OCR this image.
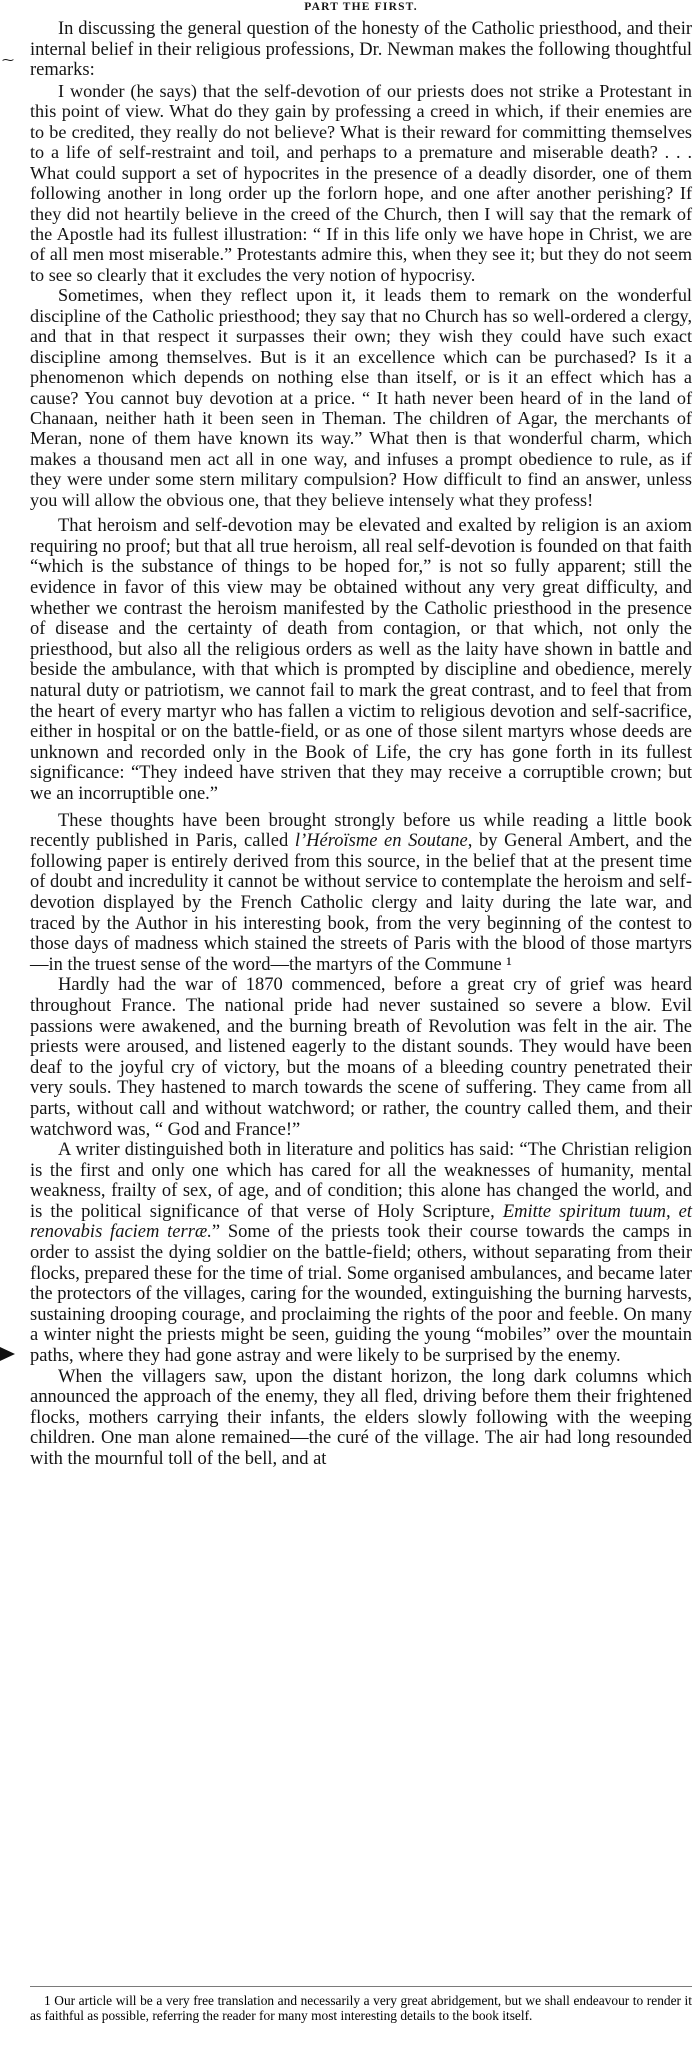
PART THE FIRST.
⁓

In discussing the general question of the honesty of the Catholic priesthood, and their internal belief in their religious professions, Dr. Newman makes the following thoughtful remarks:

I wonder (he says) that the self-devotion of our priests does not strike a Protestant in this point of view. What do they gain by professing a creed in which, if their enemies are to be credited, they really do not believe? What is their reward for committing themselves to a life of self-restraint and toil, and perhaps to a premature and miserable death? . . . What could support a set of hypocrites in the presence of a deadly disorder, one of them following another in long order up the forlorn hope, and one after another perishing? If they did not heartily believe in the creed of the Church, then I will say that the remark of the Apostle had its fullest illustration: “ If in this life only we have hope in Christ, we are of all men most miserable.” Protestants admire this, when they see it; but they do not seem to see so clearly that it excludes the very notion of hypocrisy.

Sometimes, when they reflect upon it, it leads them to remark on the wonderful discipline of the Catholic priesthood; they say that no Church has so well-ordered a clergy, and that in that respect it surpasses their own; they wish they could have such exact discipline among themselves. But is it an excellence which can be purchased? Is it a phenomenon which depends on nothing else than itself, or is it an effect which has a cause? You cannot buy devotion at a price. “ It hath never been heard of in the land of Chanaan, neither hath it been seen in Theman. The children of Agar, the merchants of Meran, none of them have known its way.” What then is that wonderful charm, which makes a thousand men act all in one way, and infuses a prompt obedience to rule, as if they were under some stern military compulsion? How difficult to find an answer, unless you will allow the obvious one, that they believe intensely what they profess!

That heroism and self-devotion may be elevated and exalted by religion is an axiom requiring no proof; but that all true heroism, all real self-devotion is founded on that faith “which is the substance of things to be hoped for,” is not so fully apparent; still the evidence in favor of this view may be obtained without any very great difficulty, and whether we contrast the heroism manifested by the Catholic priesthood in the presence of disease and the certainty of death from contagion, or that which, not only the priesthood, but also all the religious orders as well as the laity have shown in battle and beside the ambulance, with that which is prompted by discipline and obedience, merely natural duty or patriotism, we cannot fail to mark the great contrast, and to feel that from the heart of every martyr who has fallen a victim to religious devotion and self-sacrifice, either in hospital or on the battle-field, or as one of those silent martyrs whose deeds are unknown and recorded only in the Book of Life, the cry has gone forth in its fullest significance: “They indeed have striven that they may receive a corruptible crown; but we an incorruptible one.”

These thoughts have been brought strongly before us while reading a little book recently published in Paris, called l’Héroïsme en Soutane, by General Ambert, and the following paper is entirely derived from this source, in the belief that at the present time of doubt and incredulity it cannot be without service to contemplate the heroism and self-devotion displayed by the French Catholic clergy and laity during the late war, and traced by the Author in his interesting book, from the very beginning of the contest to those days of madness which stained the streets of Paris with the blood of those martyrs—in the truest sense of the word—the martyrs of the Commune ¹

Hardly had the war of 1870 commenced, before a great cry of grief was heard throughout France. The national pride had never sustained so severe a blow. Evil passions were awakened, and the burning breath of Revolution was felt in the air. The priests were aroused, and listened eagerly to the distant sounds. They would have been deaf to the joyful cry of victory, but the moans of a bleeding country penetrated their very souls. They hastened to march towards the scene of suffering. They came from all parts, without call and without watchword; or rather, the country called them, and their watchword was, “ God and France!”

A writer distinguished both in literature and politics has said: “The Christian religion is the first and only one which has cared for all the weaknesses of humanity, mental weakness, frailty of sex, of age, and of condition; this alone has changed the world, and is the political significance of that verse of Holy Scripture, Emitte spiritum tuum, et renovabis faciem terræ.” Some of the priests took their course towards the camps in order to assist the dying soldier on the battle-field; others, without separating from their flocks, prepared these for the time of trial. Some organised ambulances, and became later the protectors of the villages, caring for the wounded, extinguishing the burning harvests, sustaining drooping courage, and proclaiming the rights of the poor and feeble. On many a winter night the priests might be seen, guiding the young “mobiles” over the mountain paths, where they had gone astray and were likely to be surprised by the enemy.

When the villagers saw, upon the distant horizon, the long dark columns which announced the approach of the enemy, they all fled, driving before them their frightened flocks, mothers carrying their infants, the elders slowly following with the weeping children. One man alone remained—the curé of the village. The air had long resounded with the mournful toll of the bell, and at

1 Our article will be a very free translation and necessarily a very great abridgement, but we shall endeavour to render it as faithful as possible, referring the reader for many most interesting details to the book itself.
